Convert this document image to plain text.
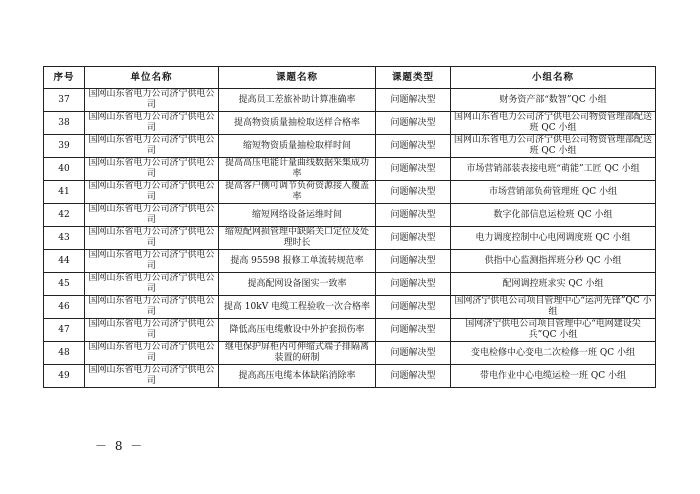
序号	单位名称	课题名称	课题类型	小组名称
37	国网山东省电力公司济宁供电公司	提高员工差旅补助计算准确率	问题解决型	财务资产部“数智”QC 小组
38	国网山东省电力公司济宁供电公司	提高物资质量抽检取送样合格率	问题解决型	国网山东省电力公司济宁供电公司物资管理部配送班 QC 小组
39	国网山东省电力公司济宁供电公司	缩短物资质量抽检取样时间	问题解决型	国网山东省电力公司济宁供电公司物资管理部配送班 QC 小组
40	国网山东省电力公司济宁供电公司	提高高压电能计量曲线数据采集成功率	问题解决型	市场营销部装表接电班“萌能”工匠 QC 小组
41	国网山东省电力公司济宁供电公司	提高客户侧可调节负荷资源接入覆盖率	问题解决型	市场营销部负荷管理班 QC 小组
42	国网山东省电力公司济宁供电公司	缩短网络设备运维时间	问题解决型	数字化部信息运检班 QC 小组
43	国网山东省电力公司济宁供电公司	缩短配网损管理中缺陷关口定位及处理时长	问题解决型	电力调度控制中心电网调度班 QC 小组
44	国网山东省电力公司济宁供电公司	提高 95598 报修工单流转规范率	问题解决型	供指中心监测指挥班分秒 QC 小组
45	国网山东省电力公司济宁供电公司	提高配网设备图实一致率	问题解决型	配网调控班求实 QC 小组
46	国网山东省电力公司济宁供电公司	提高 10kV 电缆工程验收一次合格率	问题解决型	国网济宁供电公司项目管理中心“运河先锋”QC 小组
47	国网山东省电力公司济宁供电公司	降低高压电缆敷设中外护套损伤率	问题解决型	国网济宁供电公司项目管理中心“电网建设尖兵”QC 小组
48	国网山东省电力公司济宁供电公司	继电保护屏柜内可伸缩式端子排隔离装置的研制	问题解决型	变电检修中心变电二次检修一班 QC 小组
49	国网山东省电力公司济宁供电公司	提高高压电缆本体缺陷消除率	问题解决型	带电作业中心电缆运检一班 QC 小组
－ 8 －
